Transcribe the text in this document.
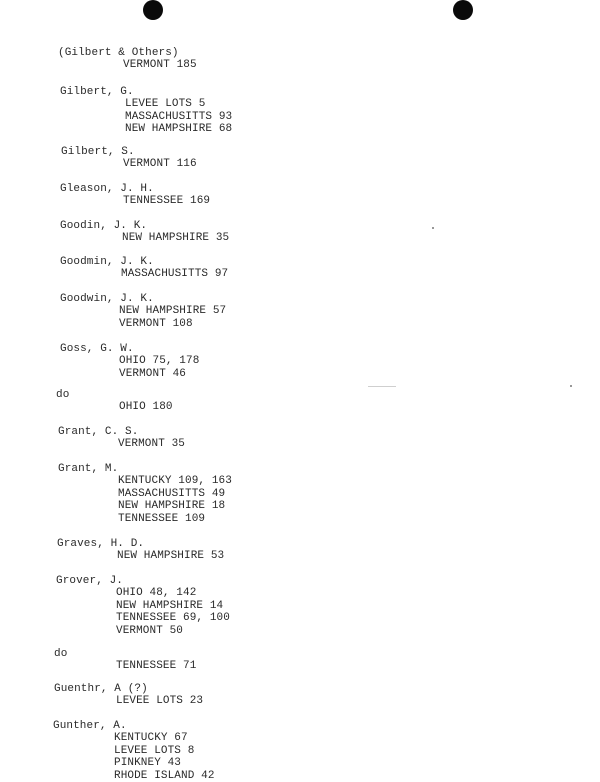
(Gilbert & Others)
VERMONT 185
Gilbert, G.
LEVEE LOTS 5
MASSACHUSITTS 93
NEW HAMPSHIRE 68
Gilbert, S.
VERMONT 116
Gleason, J. H.
TENNESSEE 169
Goodin, J. K.
NEW HAMPSHIRE 35
Goodmin, J. K.
MASSACHUSITTS 97
Goodwin, J. K.
NEW HAMPSHIRE 57
VERMONT 108
Goss, G. W.
OHIO 75, 178
VERMONT 46
do
OHIO 180
Grant, C. S.
VERMONT 35
Grant, M.
KENTUCKY 109, 163
MASSACHUSITTS 49
NEW HAMPSHIRE 18
TENNESSEE 109
Graves, H. D.
NEW HAMPSHIRE 53
Grover, J.
OHIO 48, 142
NEW HAMPSHIRE 14
TENNESSEE 69, 100
VERMONT 50
do
TENNESSEE 71
Guenthr, A (?)
LEVEE LOTS 23
Gunther, A.
KENTUCKY 67
LEVEE LOTS 8
PINKNEY 43
RHODE ISLAND 42
